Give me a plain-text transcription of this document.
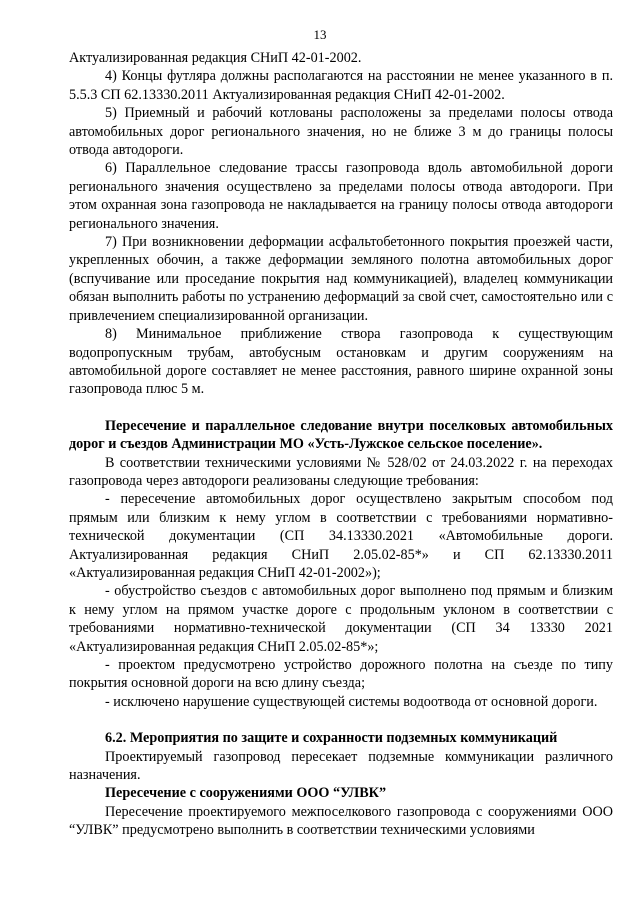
13

Актуализированная редакция СНиП 42-01-2002.

4) Концы футляра должны располагаются на расстоянии не менее указанного в п. 5.5.3 СП 62.13330.2011 Актуализированная редакция СНиП 42-01-2002.

5) Приемный и рабочий котлованы расположены за пределами полосы отвода автомобильных дорог регионального значения, но не ближе 3 м до границы полосы отвода автодороги.

6) Параллельное следование трассы газопровода вдоль автомобильной дороги регионального значения осуществлено за пределами полосы отвода автодороги. При этом охранная зона газопровода не накладывается на границу полосы отвода автодороги регионального значения.

7) При возникновении деформации асфальтобетонного покрытия проезжей части, укрепленных обочин, а также деформации земляного полотна автомобильных дорог (вспучивание или проседание покрытия над коммуникацией), владелец коммуникации обязан выполнить работы по устранению деформаций за свой счет, самостоятельно или с привлечением специализированной организации.

8) Минимальное приближение створа газопровода к существующим водопропускным трубам, автобусным остановкам и другим сооружениям на автомобильной дороге составляет не менее расстояния, равного ширине охранной зоны газопровода плюс 5 м.

Пересечение и параллельное следование внутри поселковых автомобильных дорог и съездов Администрации МО «Усть-Лужское сельское поселение».

В соответствии техническими условиями № 528/02 от 24.03.2022 г. на переходах газопровода через автодороги реализованы следующие требования:

- пересечение автомобильных дорог осуществлено закрытым способом под прямым или близким к нему углом в соответствии с требованиями нормативно-технической документации (СП 34.13330.2021 «Автомобильные дороги. Актуализированная редакция СНиП 2.05.02-85*» и СП 62.13330.2011 «Актуализированная редакция СНиП 42-01-2002»);

- обустройство съездов с автомобильных дорог выполнено под прямым и близким к нему углом на прямом участке дороге с продольным уклоном в соответствии с требованиями нормативно-технической документации (СП 34 13330 2021 «Актуализированная редакция СНиП 2.05.02-85*»;

- проектом предусмотрено устройство дорожного полотна на съезде по типу покрытия основной дороги на всю длину съезда;

- исключено нарушение существующей системы водоотвода от основной дороги.

6.2. Мероприятия по защите и сохранности подземных коммуникаций

Проектируемый газопровод пересекает подземные коммуникации различного назначения.

Пересечение с сооружениями ООО “УЛВК”

Пересечение проектируемого межпоселкового газопровода с сооружениями ООО “УЛВК” предусмотрено выполнить в соответствии техническими условиями
